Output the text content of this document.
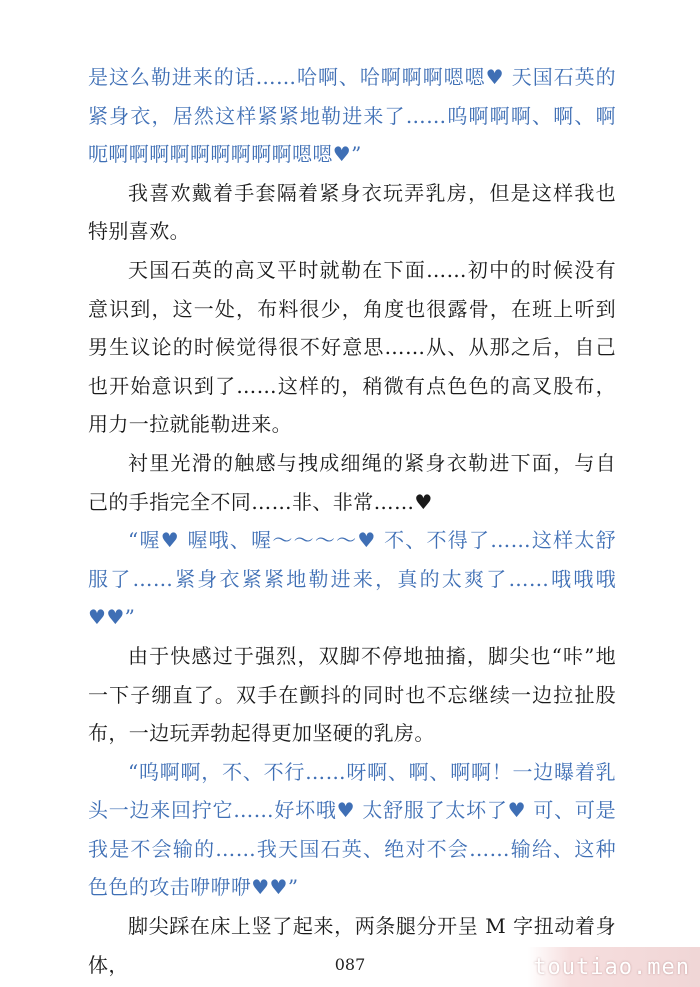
是这么勒进来的话……哈啊、哈啊啊啊嗯嗯♥ 天国石英的紧身衣，居然这样紧紧地勒进来了……呜啊啊啊、啊、啊呃啊啊啊啊啊啊啊啊啊嗯嗯♥”

我喜欢戴着手套隔着紧身衣玩弄乳房，但是这样我也特别喜欢。

天国石英的高叉平时就勒在下面……初中的时候没有意识到，这一处，布料很少，角度也很露骨，在班上听到男生议论的时候觉得很不好意思……从、从那之后，自己也开始意识到了……这样的，稍微有点色色的高叉股布，用力一拉就能勒进来。

衬里光滑的触感与拽成细绳的紧身衣勒进下面，与自己的手指完全不同……非、非常……♥

“喔♥ 喔哦、喔～～～～♥ 不、不得了……这样太舒服了……紧身衣紧紧地勒进来，真的太爽了……哦哦哦♥♥”

由于快感过于强烈，双脚不停地抽搐，脚尖也“咔”地一下子绷直了。双手在颤抖的同时也不忘继续一边拉扯股布，一边玩弄勃起得更加坚硬的乳房。

“呜啊啊，不、不行……呀啊、啊、啊啊！一边曝着乳头一边来回拧它……好坏哦♥ 太舒服了太坏了♥ 可、可是我是不会输的……我天国石英、绝对不会……输给、这种色色的攻击咿咿咿♥♥”

脚尖踩在床上竖了起来，两条腿分开呈 M 字扭动着身体，	087	toutiao.men
